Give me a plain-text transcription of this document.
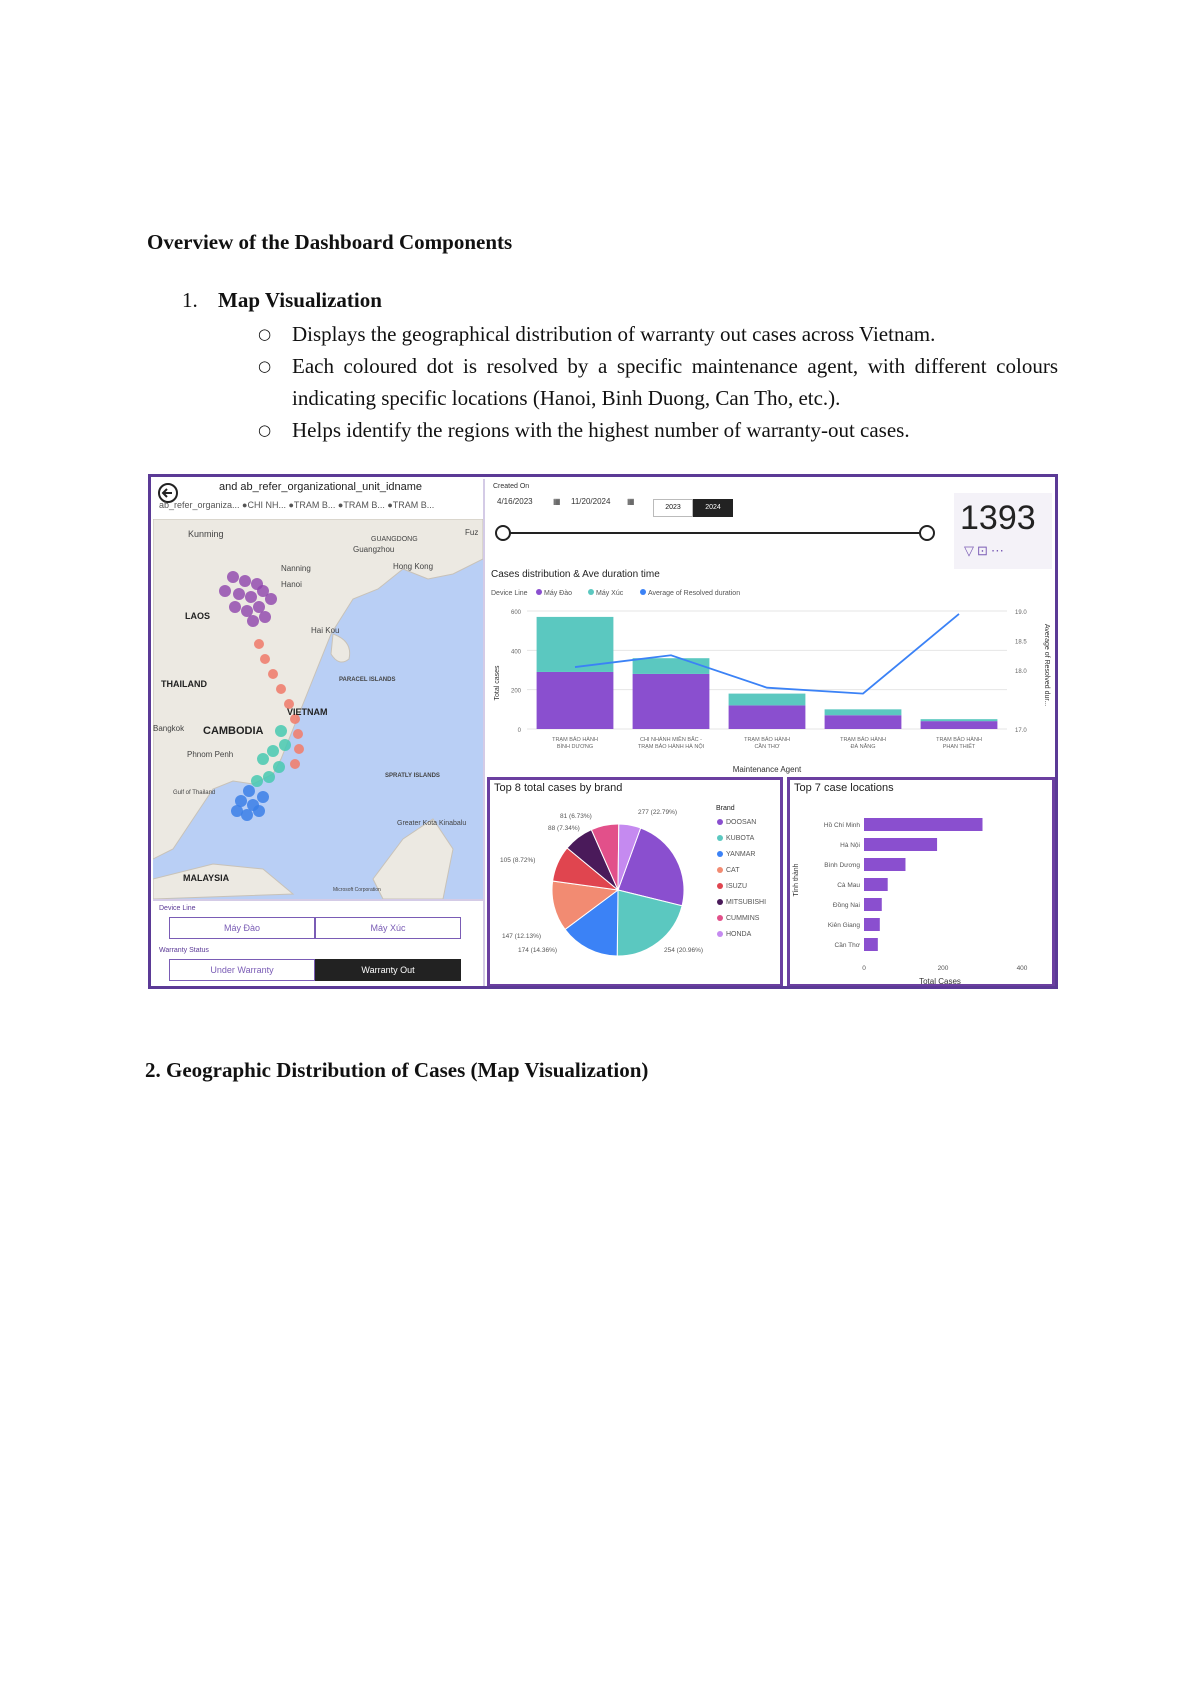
Overview of the Dashboard Components
1. Map Visualization
○ Displays the geographical distribution of warranty out cases across Vietnam.
○ Each coloured dot is resolved by a specific maintenance agent, with different colours indicating specific locations (Hanoi, Binh Duong, Can Tho, etc.).
○ Helps identify the regions with the highest number of warranty-out cases.
and ab_refer_organizational_unit_idname
ab_refer_organiza... ●CHI NH... ●TRAM B... ●TRAM B... ●TRAM B...
Kunming
GUANGDONG
Guangzhou
Hong Kong
Nanning
Hanoi
LAOS
Hai Kou
PARACEL ISLANDS
THAILAND
VIETNAM
CAMBODIA
Bangkok
Phnom Penh
Gulf of Thailand
SPRATLY ISLANDS
Greater Kota Kinabalu
MALAYSIA
Fuz
Microsoft Corporation
Device Line
Máy Đào	Máy Xúc
Warranty Status
Under Warranty	Warranty Out
Created On
4/16/2023	▦ 11/20/2024 ▦
2023	2024	1393
▽⊡⋯
Cases distribution & Ave duration time
Device Line Máy Đào	Máy Xúc	Average of Resolved duration
Total cases	Average of Resolved dur...
Maintenance Agent
0
200
400
600
17.0
18.0
18.5
19.0
TRẠM BẢO HÀNH
BÌNH DƯƠNG
CHI NHÁNH MIỀN BẮC -
TRẠM BẢO HÀNH HÀ NỘI
TRẠM BẢO HÀNH
CẦN THƠ
TRẠM BẢO HÀNH
ĐÀ NẴNG
TRẠM BẢO HÀNH
PHAN THIẾT
Top 8 total cases by brand
81 (6.73%)
88 (7.34%)
105 (8.72%)
147 (12.13%)
174 (14.36%)	254 (20.96%)
277 (22.79%)
Brand
DOOSAN
KUBOTA
YANMAR
CAT
ISUZU
MITSUBISHI
CUMMINS
HONDA
Top 7 case locations
Tỉnh thành
Total Cases
Hồ Chí Minh
Hà Nội
Bình Dương
Cà Mau
Đồng Nai
Kiên Giang
Cần Thơ
0	200	400
2. Geographic Distribution of Cases (Map Visualization)
